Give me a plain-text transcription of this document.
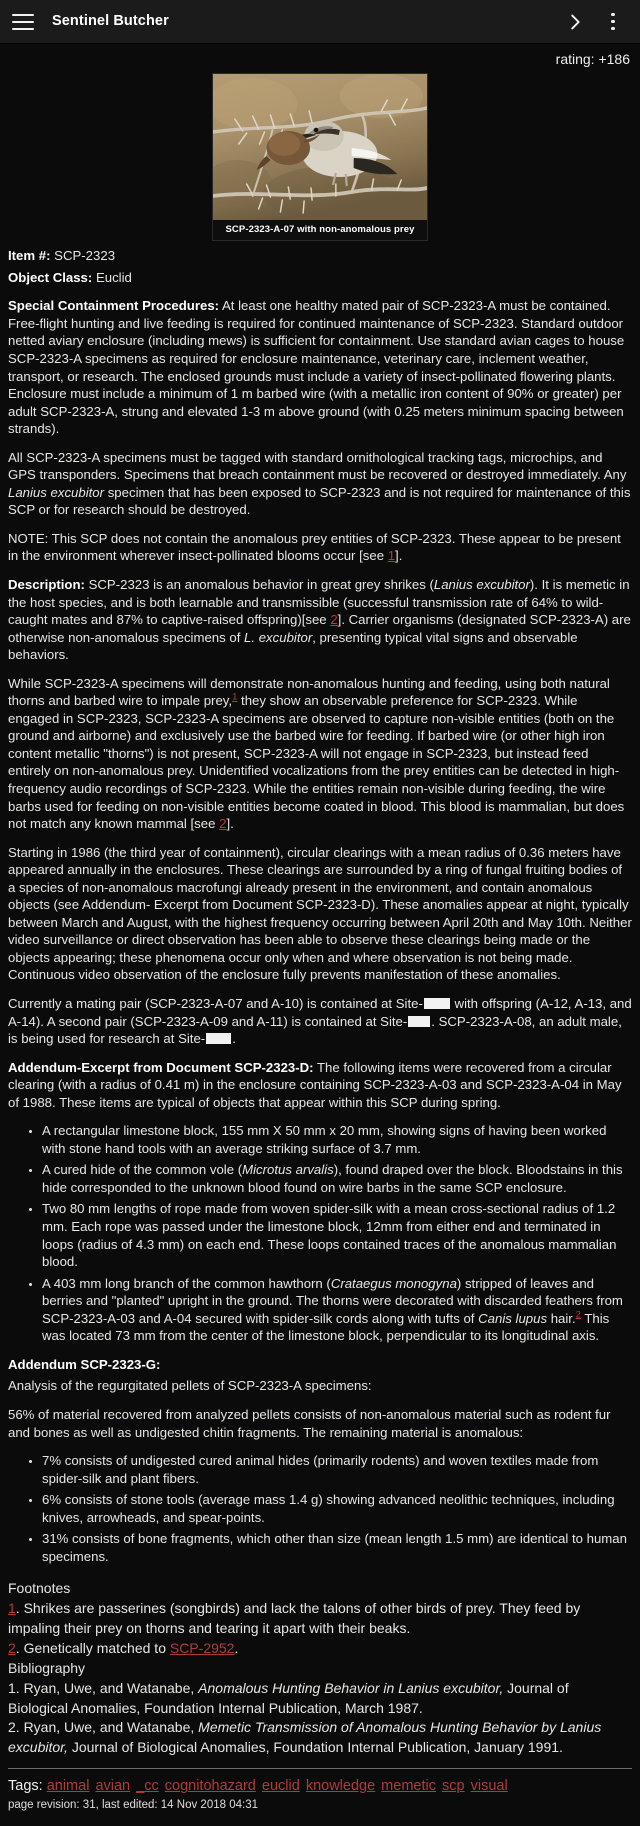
Sentinel Butcher
rating: +186
SCP-2323-A-07 with non-anomalous prey

Item #: SCP-2323

Object Class: Euclid

Special Containment Procedures: At least one healthy mated pair of SCP-2323-A must be contained. Free-flight hunting and live feeding is required for continued maintenance of SCP-2323. Standard outdoor netted aviary enclosure (including mews) is sufficient for containment. Use standard avian cages to house SCP-2323-A specimens as required for enclosure maintenance, veterinary care, inclement weather, transport, or research. The enclosed grounds must include a variety of insect-pollinated flowering plants. Enclosure must include a minimum of 1 m barbed wire (with a metallic iron content of 90% or greater) per adult SCP-2323-A, strung and elevated 1-3 m above ground (with 0.25 meters minimum spacing between strands).

All SCP-2323-A specimens must be tagged with standard ornithological tracking tags, microchips, and GPS transponders. Specimens that breach containment must be recovered or destroyed immediately. Any Lanius excubitor specimen that has been exposed to SCP-2323 and is not required for maintenance of this SCP or for research should be destroyed.

NOTE: This SCP does not contain the anomalous prey entities of SCP-2323. These appear to be present in the environment wherever insect-pollinated blooms occur [see 1].

Description: SCP-2323 is an anomalous behavior in great grey shrikes (Lanius excubitor). It is memetic in the host species, and is both learnable and transmissible (successful transmission rate of 64% to wild-caught mates and 87% to captive-raised offspring)[see 2]. Carrier organisms (designated SCP-2323-A) are otherwise non-anomalous specimens of L. excubitor, presenting typical vital signs and observable behaviors.

While SCP-2323-A specimens will demonstrate non-anomalous hunting and feeding, using both natural thorns and barbed wire to impale prey,$^1$ they show an observable preference for SCP-2323. While engaged in SCP-2323, SCP-2323-A specimens are observed to capture non-visible entities (both on the ground and airborne) and exclusively use the barbed wire for feeding. If barbed wire (or other high iron content metallic "thorns") is not present, SCP-2323-A will not engage in SCP-2323, but instead feed entirely on non-anomalous prey. Unidentified vocalizations from the prey entities can be detected in high-frequency audio recordings of SCP-2323. While the entities remain non-visible during feeding, the wire barbs used for feeding on non-visible entities become coated in blood. This blood is mammalian, but does not match any known mammal [see 2].

Starting in 1986 (the third year of containment), circular clearings with a mean radius of 0.36 meters have appeared annually in the enclosures. These clearings are surrounded by a ring of fungal fruiting bodies of a species of non-anomalous macrofungi already present in the environment, and contain anomalous objects (see Addendum- Excerpt from Document SCP-2323-D). These anomalies appear at night, typically between March and August, with the highest frequency occurring between April 20th and May 10th. Neither video surveillance or direct observation has been able to observe these clearings being made or the objects appearing; these phenomena occur only when and where observation is not being made. Continuous video observation of the enclosure fully prevents manifestation of these anomalies.

Currently a mating pair (SCP-2323-A-07 and A-10) is contained at Site- with offspring (A-12, A-13, and A-14). A second pair (SCP-2323-A-09 and A-11) is contained at Site- . SCP-2323-A-08, an adult male, is being used for research at Site- .

Addendum-Excerpt from Document SCP-2323-D: The following items were recovered from a circular clearing (with a radius of 0.41 m) in the enclosure containing SCP-2323-A-03 and SCP-2323-A-04 in May of 1988. These items are typical of objects that appear within this SCP during spring.

• A rectangular limestone block, 155 mm X 50 mm x 20 mm, showing signs of having been worked with stone hand tools with an average striking surface of 3.7 mm.
• A cured hide of the common vole (Microtus arvalis), found draped over the block. Bloodstains in this hide corresponded to the unknown blood found on wire barbs in the same SCP enclosure.
• Two 80 mm lengths of rope made from woven spider-silk with a mean cross-sectional radius of 1.2 mm. Each rope was passed under the limestone block, 12mm from either end and terminated in loops (radius of 4.3 mm) on each end. These loops contained traces of the anomalous mammalian blood.
• A 403 mm long branch of the common hawthorn (Crataegus monogyna) stripped of leaves and berries and "planted" upright in the ground. The thorns were decorated with discarded feathers from SCP-2323-A-03 and A-04 secured with spider-silk cords along with tufts of Canis lupus hair.$^2$ This was located 73 mm from the center of the limestone block, perpendicular to its longitudinal axis.

Addendum SCP-2323-G:

Analysis of the regurgitated pellets of SCP-2323-A specimens:

56% of material recovered from analyzed pellets consists of non-anomalous material such as rodent fur and bones as well as undigested chitin fragments. The remaining material is anomalous:

• 7% consists of undigested cured animal hides (primarily rodents) and woven textiles made from spider-silk and plant fibers.
• 6% consists of stone tools (average mass 1.4 g) showing advanced neolithic techniques, including knives, arrowheads, and spear-points.
• 31% consists of bone fragments, which other than size (mean length 1.5 mm) are identical to human specimens.
Footnotes
1. Shrikes are passerines (songbirds) and lack the talons of other birds of prey. They feed by impaling their prey on thorns and tearing it apart with their beaks.
2. Genetically matched to SCP-2952.
Bibliography
1. Ryan, Uwe, and Watanabe, Anomalous Hunting Behavior in Lanius excubitor, Journal of Biological Anomalies, Foundation Internal Publication, March 1987.
2. Ryan, Uwe, and Watanabe, Memetic Transmission of Anomalous Hunting Behavior by Lanius excubitor, Journal of Biological Anomalies, Foundation Internal Publication, January 1991.
Tags: animal avian _cc cognitohazard euclid knowledge memetic scp visual
page revision: 31, last edited: 14 Nov 2018 04:31
